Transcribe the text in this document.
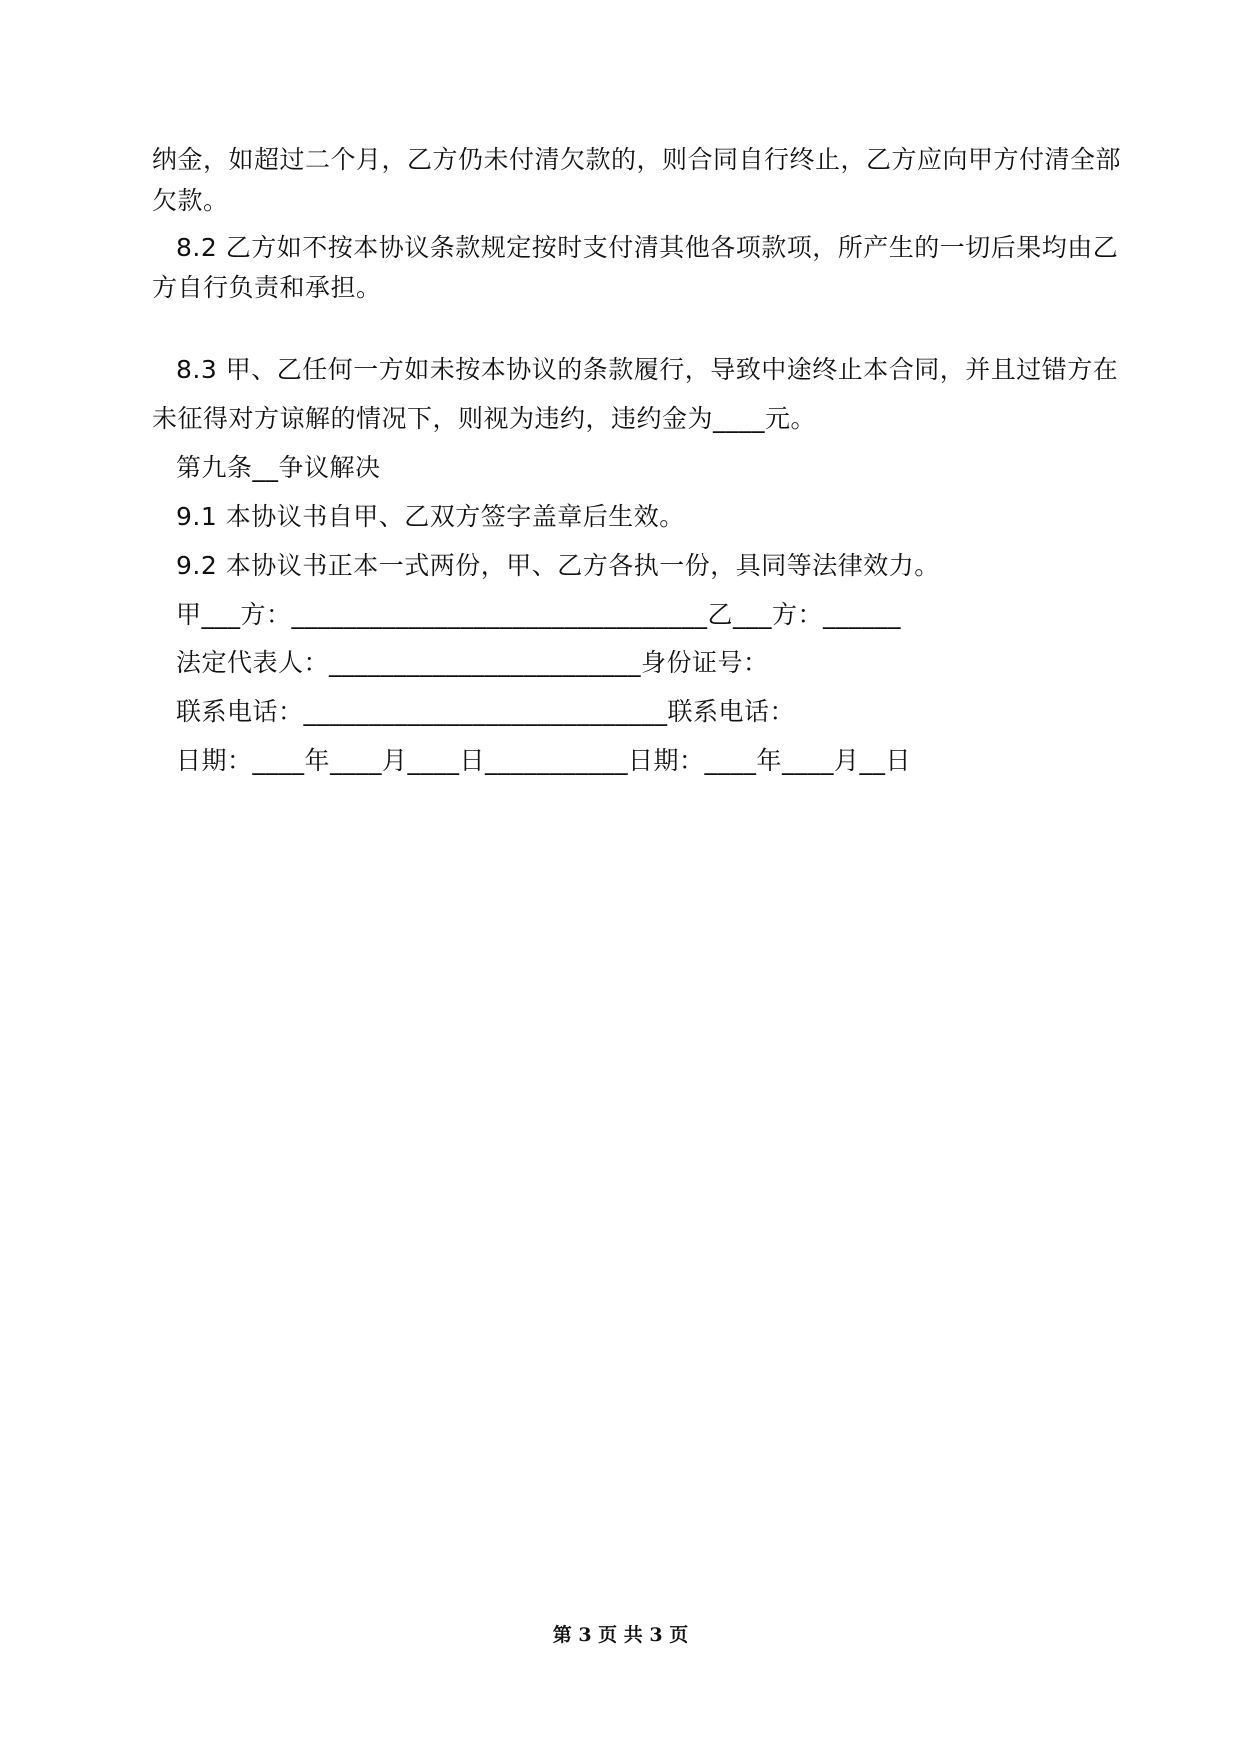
纳金，如超过二个月，乙方仍未付清欠款的，则合同自行终止，乙方应向甲方付清全部
欠款。
8.2 乙方如不按本协议条款规定按时支付清其他各项款项，所产生的一切后果均由乙
方自行负责和承担。
8.3 甲、乙任何一方如未按本协议的条款履行，导致中途终止本合同，并且过错方在
未征得对方谅解的情况下，则视为违约，违约金为____元。
第九条__争议解决
9.1 本协议书自甲、乙双方签字盖章后生效。
9.2 本协议书正本一式两份，甲、乙方各执一份，具同等法律效力。
甲___方：________________________________乙___方：______
法定代表人：________________________身份证号：
联系电话：____________________________联系电话：
日期：____年____月____日___________日期：____年____月__日
第 3 页 共 3 页
